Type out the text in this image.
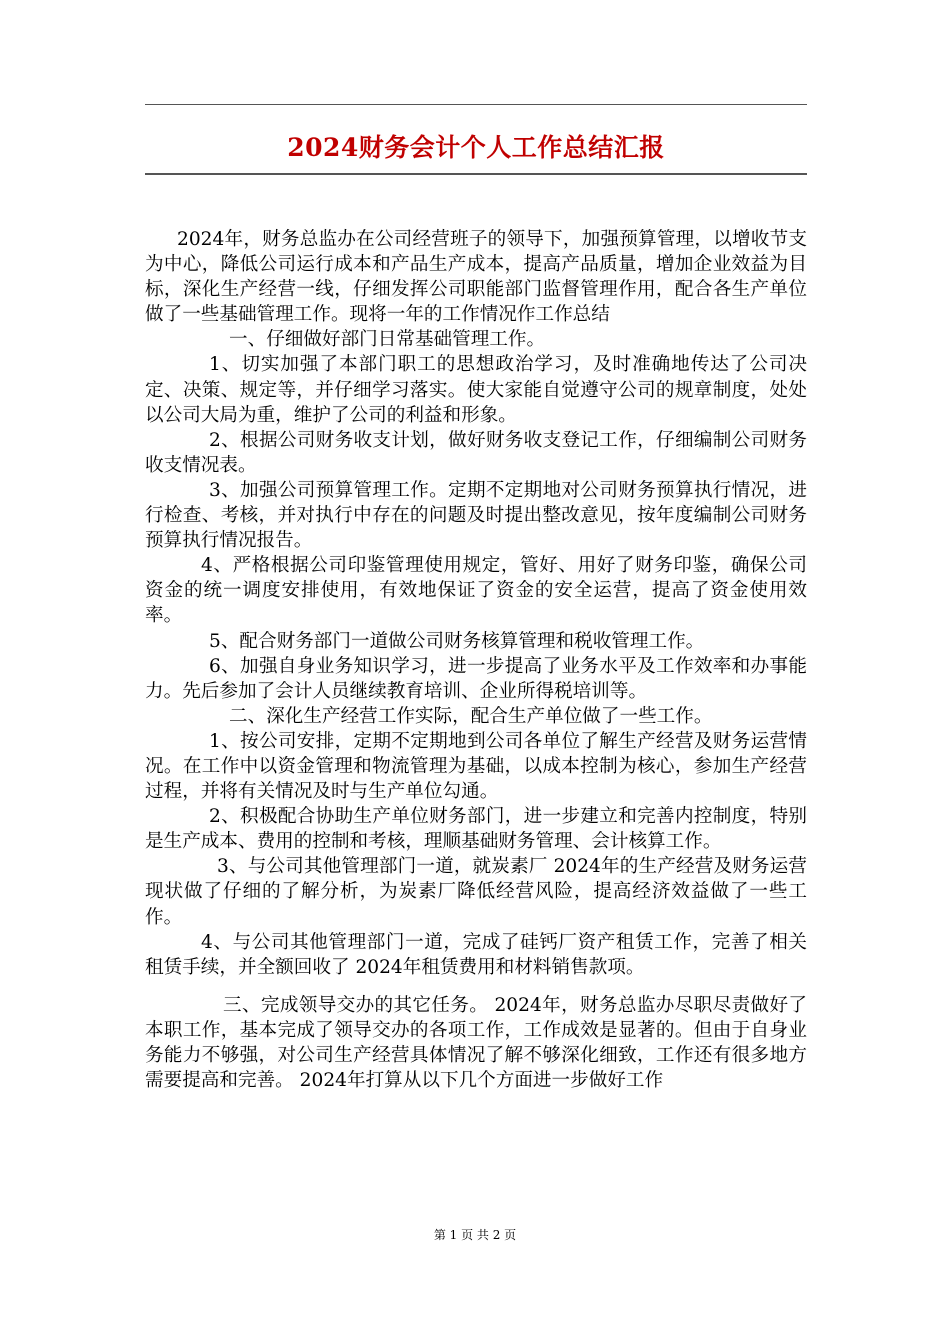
2024财务会计个人工作总结汇报

2024年，财务总监办在公司经营班子的领导下，加强预算管理，以增收节支为中心，降低公司运行成本和产品生产成本，提高产品质量，增加企业效益为目标，深化生产经营一线，仔细发挥公司职能部门监督管理作用，配合各生产单位做了一些基础管理工作。现将一年的工作情况作工作总结

一、仔细做好部门日常基础管理工作。

1、切实加强了本部门职工的思想政治学习，及时准确地传达了公司决定、决策、规定等，并仔细学习落实。使大家能自觉遵守公司的规章制度，处处以公司大局为重，维护了公司的利益和形象。

2、根据公司财务收支计划，做好财务收支登记工作，仔细编制公司财务收支情况表。

3、加强公司预算管理工作。定期不定期地对公司财务预算执行情况，进行检查、考核，并对执行中存在的问题及时提出整改意见，按年度编制公司财务预算执行情况报告。

4、严格根据公司印鉴管理使用规定，管好、用好了财务印鉴，确保公司资金的统一调度安排使用，有效地保证了资金的安全运营，提高了资金使用效率。

5、配合财务部门一道做公司财务核算管理和税收管理工作。

6、加强自身业务知识学习，进一步提高了业务水平及工作效率和办事能力。先后参加了会计人员继续教育培训、企业所得税培训等。

二、深化生产经营工作实际，配合生产单位做了一些工作。

1、按公司安排，定期不定期地到公司各单位了解生产经营及财务运营情况。在工作中以资金管理和物流管理为基础，以成本控制为核心，参加生产经营过程，并将有关情况及时与生产单位勾通。

2、积极配合协助生产单位财务部门，进一步建立和完善内控制度，特别是生产成本、费用的控制和考核，理顺基础财务管理、会计核算工作。

3、与公司其他管理部门一道，就炭素厂 2024年的生产经营及财务运营现状做了仔细的了解分析，为炭素厂降低经营风险，提高经济效益做了一些工作。

4、与公司其他管理部门一道，完成了硅钙厂资产租赁工作，完善了相关租赁手续，并全额回收了 2024年租赁费用和材料销售款项。

三、完成领导交办的其它任务。 2024年，财务总监办尽职尽责做好了本职工作，基本完成了领导交办的各项工作，工作成效是显著的。但由于自身业务能力不够强，对公司生产经营具体情况了解不够深化细致，工作还有很多地方需要提高和完善。 2024年打算从以下几个方面进一步做好工作

第 1 页 共 2 页
